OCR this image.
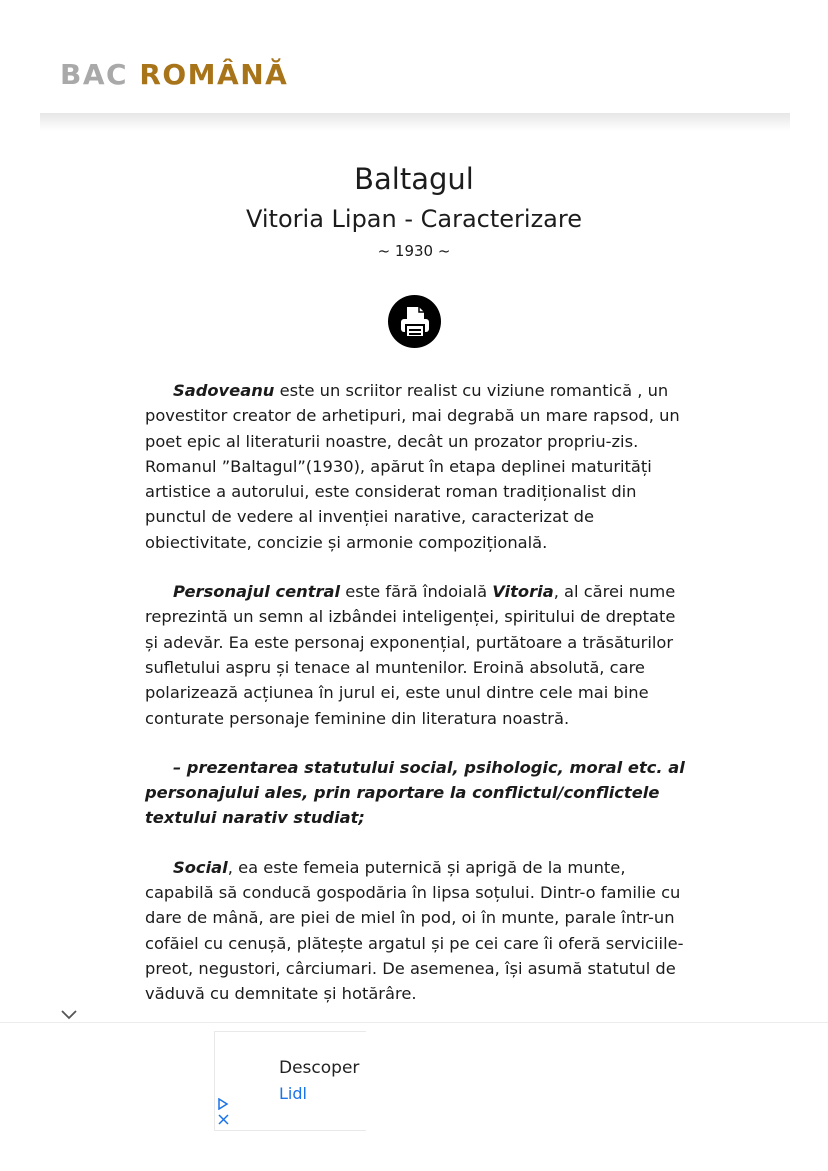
BAC ROMÂNĂ
Baltagul
Vitoria Lipan - Caracterizare
~ 1930 ~

Sadoveanu este un scriitor realist cu viziune romantică , un povestitor creator de arhetipuri, mai degrabă un mare rapsod, un poet epic al literaturii noastre, decât un prozator propriu-zis. Romanul ”Baltagul”(1930), apărut în etapa deplinei maturități artistice a autorului, este considerat roman tradiționalist din punctul de vedere al invenției narative, caracterizat de obiectivitate, concizie și armonie compozițională.

Personajul central este fără îndoială Vitoria, al cărei nume reprezintă un semn al izbândei inteligenței, spiritului de dreptate și adevăr. Ea este personaj exponențial, purtătoare a trăsăturilor sufletului aspru și tenace al muntenilor. Eroină absolută, care polarizează acțiunea în jurul ei, este unul dintre cele mai bine conturate personaje feminine din literatura noastră.

– prezentarea statutului social, psihologic, moral etc. al personajului ales, prin raportare la conflictul/conflictele textului narativ studiat;

Social, ea este femeia puternică și aprigă de la munte, capabilă să conducă gospodăria în lipsa soțului. Dintr-o familie cu dare de mână, are piei de miel în pod, oi în munte, parale într-un cofăiel cu cenușă, plătește argatul și pe cei care îi oferă serviciile-preot, negustori, cârciumari. De asemenea, își asumă statutul de văduvă cu demnitate și hotărâre.

Descoper
Lidl
